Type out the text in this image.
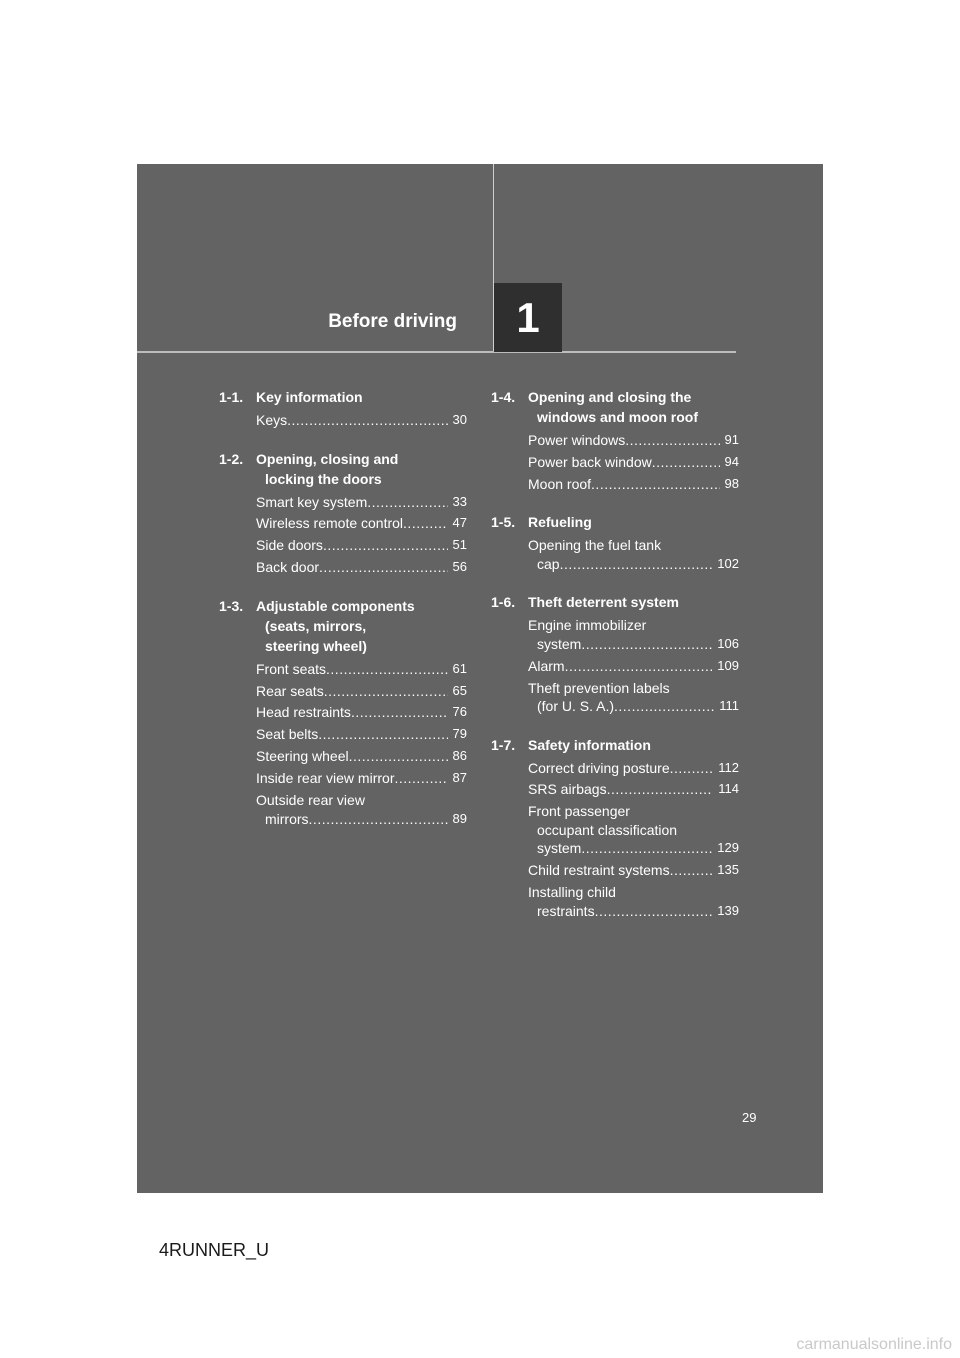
Before driving 1
1-1. Key information
Keys .....	30
1-2. Opening, closing and
locking the doors
Smart key system .....	33
Wireless remote control .....	47
Side doors .....	51
Back door .....	56
1-3. Adjustable components
(seats, mirrors,
steering wheel)
Front seats .....	61
Rear seats .....	65
Head restraints .....	76
Seat belts .....	79
Steering wheel .....	86
Inside rear view mirror .....	87
Outside rear view
mirrors .....	89
1-4. Opening and closing the
windows and moon roof
Power windows .....	91
Power back window .....	94
Moon roof .....	98
1-5. Refueling
Opening the fuel tank
cap .....	102
1-6. Theft deterrent system
Engine immobilizer
system .....	106
Alarm .....	109
Theft prevention labels
(for U. S. A.) .....	111
1-7. Safety information
Correct driving posture .....	112
SRS airbags .....	114
Front passenger
occupant classification
system .....	129
Child restraint systems .....	135
Installing child
restraints .....	139
29
4RUNNER_U
carmanualsonline.info
